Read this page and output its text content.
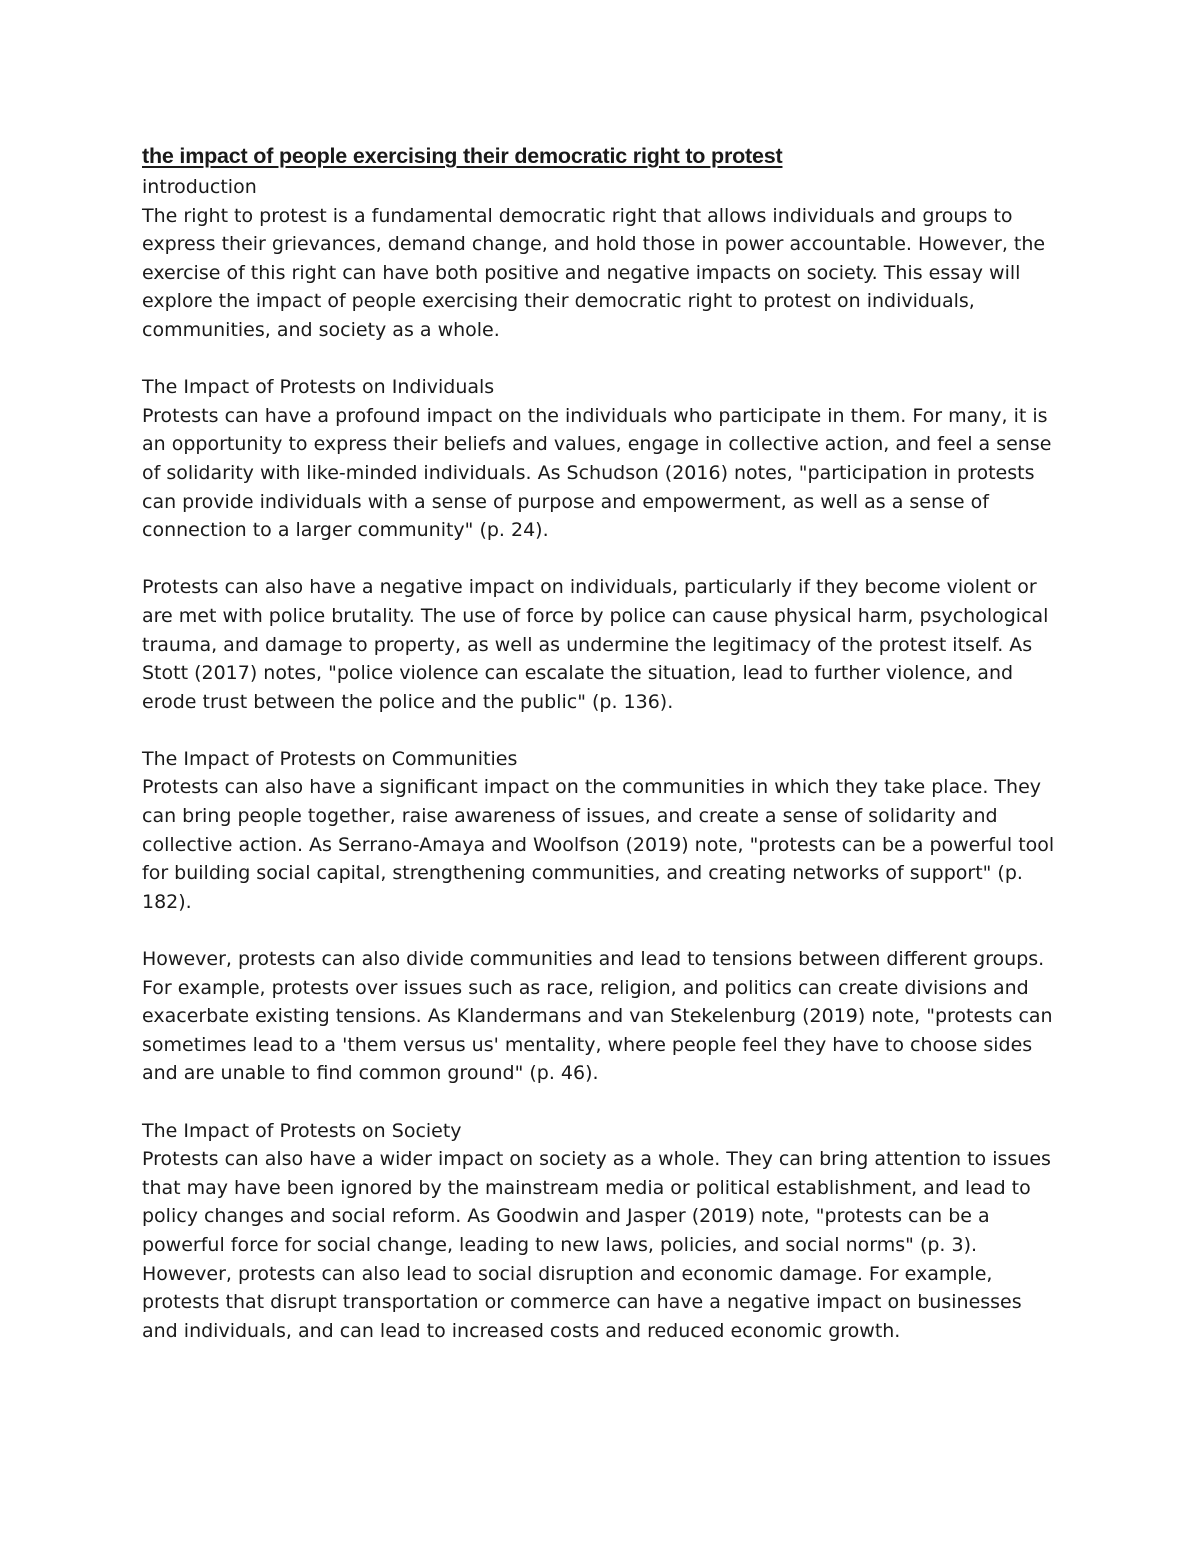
the impact of people exercising their democratic right to protest
introduction
The right to protest is a fundamental democratic right that allows individuals and groups to express their grievances, demand change, and hold those in power accountable. However, the exercise of this right can have both positive and negative impacts on society. This essay will explore the impact of people exercising their democratic right to protest on individuals, communities, and society as a whole.
The Impact of Protests on Individuals
Protests can have a profound impact on the individuals who participate in them. For many, it is an opportunity to express their beliefs and values, engage in collective action, and feel a sense of solidarity with like-minded individuals. As Schudson (2016) notes, "participation in protests can provide individuals with a sense of purpose and empowerment, as well as a sense of connection to a larger community" (p. 24).
Protests can also have a negative impact on individuals, particularly if they become violent or are met with police brutality. The use of force by police can cause physical harm, psychological trauma, and damage to property, as well as undermine the legitimacy of the protest itself. As Stott (2017) notes, "police violence can escalate the situation, lead to further violence, and erode trust between the police and the public" (p. 136).
The Impact of Protests on Communities
Protests can also have a significant impact on the communities in which they take place. They can bring people together, raise awareness of issues, and create a sense of solidarity and collective action. As Serrano-Amaya and Woolfson (2019) note, "protests can be a powerful tool for building social capital, strengthening communities, and creating networks of support" (p. 182).
However, protests can also divide communities and lead to tensions between different groups. For example, protests over issues such as race, religion, and politics can create divisions and exacerbate existing tensions. As Klandermans and van Stekelenburg (2019) note, "protests can sometimes lead to a 'them versus us' mentality, where people feel they have to choose sides and are unable to find common ground" (p. 46).
The Impact of Protests on Society
Protests can also have a wider impact on society as a whole. They can bring attention to issues that may have been ignored by the mainstream media or political establishment, and lead to policy changes and social reform. As Goodwin and Jasper (2019) note, "protests can be a powerful force for social change, leading to new laws, policies, and social norms" (p. 3). However, protests can also lead to social disruption and economic damage. For example, protests that disrupt transportation or commerce can have a negative impact on businesses and individuals, and can lead to increased costs and reduced economic growth.
